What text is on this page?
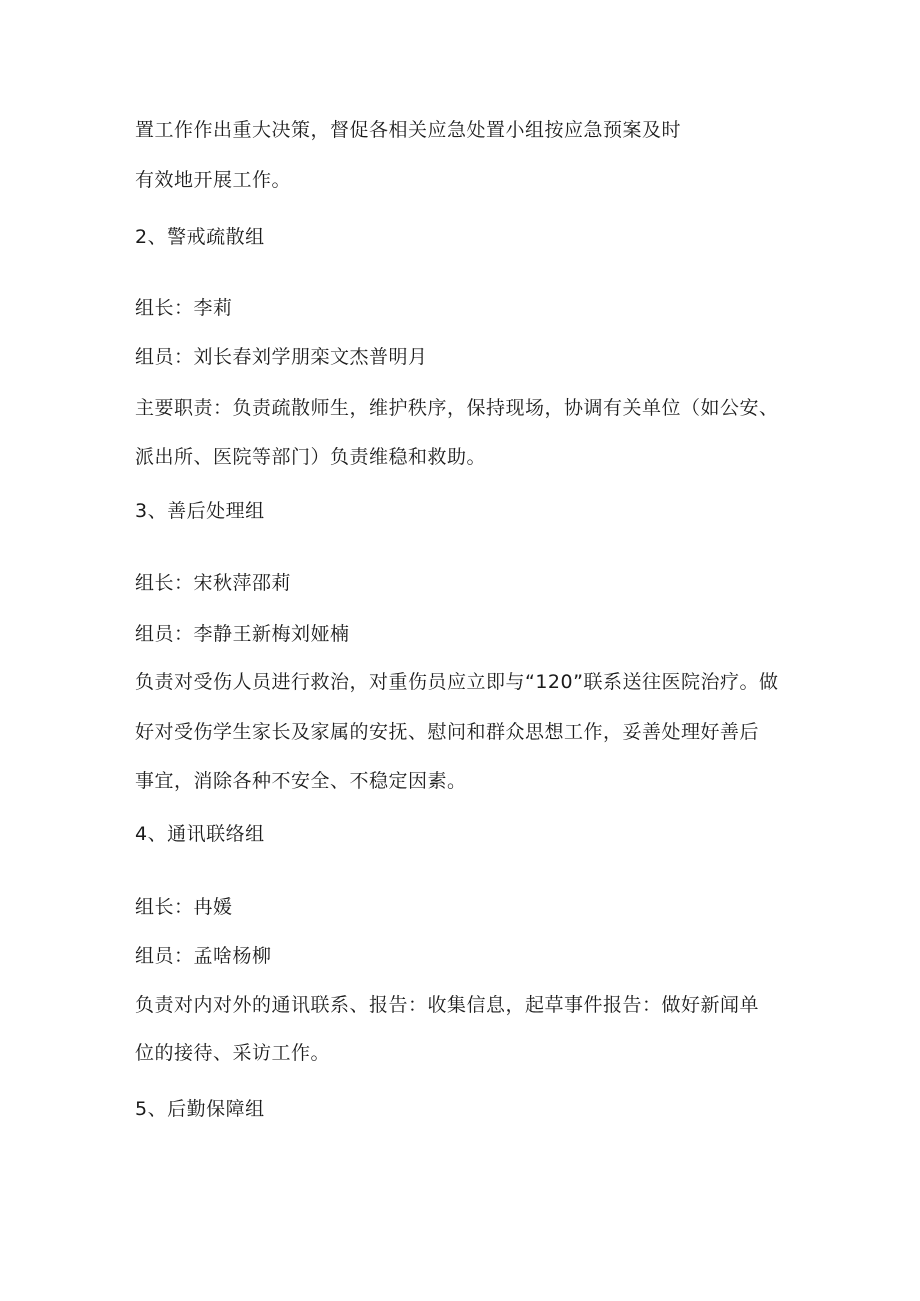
置工作作出重大决策，督促各相关应急处置小组按应急预案及时
有效地开展工作。
2、警戒疏散组
组长：李莉
组员：刘长春刘学朋栾文杰普明月
主要职责：负责疏散师生，维护秩序，保持现场，协调有关单位（如公安、
派出所、医院等部门）负责维稳和救助。
3、善后处理组
组长：宋秋萍邵莉
组员：李静王新梅刘娅楠
负责对受伤人员进行救治，对重伤员应立即与“120”联系送往医院治疗。做
好对受伤学生家长及家属的安抚、慰问和群众思想工作，妥善处理好善后
事宜，消除各种不安全、不稳定因素。
4、通讯联络组
组长：冉媛
组员：孟啥杨柳
负责对内对外的通讯联系、报告：收集信息，起草事件报告：做好新闻单
位的接待、采访工作。
5、后勤保障组
